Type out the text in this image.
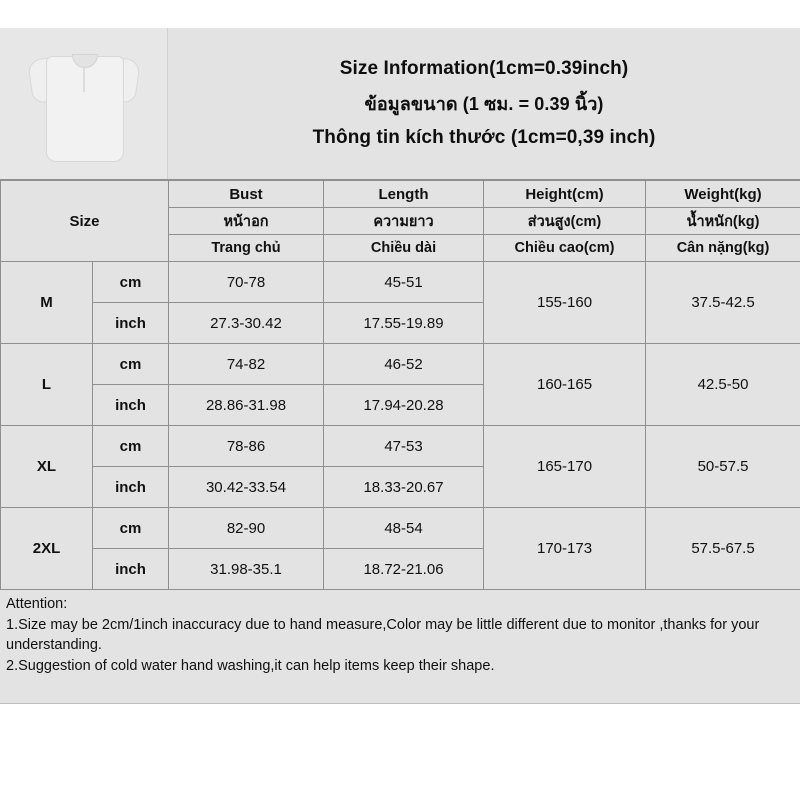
Size Information(1cm=0.39inch)
ข้อมูลขนาด (1 ซม. = 0.39 นิ้ว)
Thông tin kích thước (1cm=0,39 inch)
Size		Bust	Length	Height(cm)	Weight(kg)
		หน้าอก	ความยาว	ส่วนสูง(cm)	น้ำหนัก(kg)
		Trang chủ	Chiều dài	Chiều cao(cm)	Cân nặng(kg)
M	cm	70-78	45-51	155-160	37.5-42.5
	inch	27.3-30.42	17.55-19.89		
L	cm	74-82	46-52	160-165	42.5-50
	inch	28.86-31.98	17.94-20.28		
XL	cm	78-86	47-53	165-170	50-57.5
	inch	30.42-33.54	18.33-20.67		
2XL	cm	82-90	48-54	170-173	57.5-67.5
	inch	31.98-35.1	18.72-21.06		
Attention:
1.Size may be 2cm/1inch inaccuracy due to hand measure,Color may be little different due to monitor ,thanks for your understanding.
2.Suggestion of cold water hand washing,it can help items keep their shape.
